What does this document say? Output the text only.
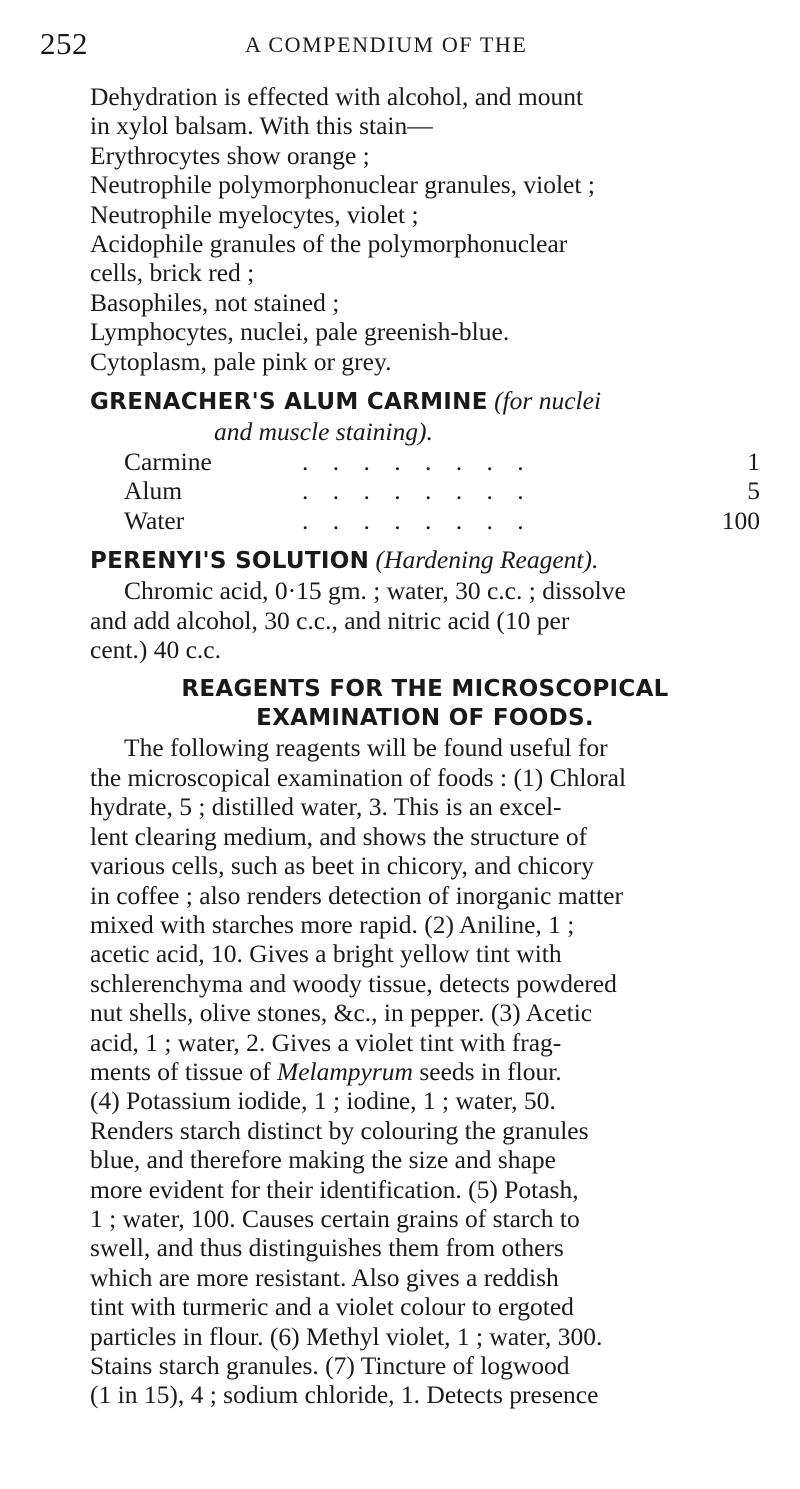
252	A COMPENDIUM OF THE
Dehydration is effected with alcohol, and mount
in xylol balsam. With this stain—
Erythrocytes show orange ;
Neutrophile polymorphonuclear granules, violet ;
Neutrophile myelocytes, violet ;
Acidophile granules of the polymorphonuclear
cells, brick red ;
Basophiles, not stained ;
Lymphocytes, nuclei, pale greenish-blue.
Cytoplasm, pale pink or grey.
GRENACHER'S ALUM CARMINE (for nuclei
and muscle staining).
Carmine	. . . . . . . .	1
Alum	. . . . . . . .	5
Water	. . . . . . . .	100
PERENYI'S SOLUTION (Hardening Reagent).
Chromic acid, 0·15 gm. ; water, 30 c.c. ; dissolve
and add alcohol, 30 c.c., and nitric acid (10 per
cent.) 40 c.c.
REAGENTS FOR THE MICROSCOPICAL
EXAMINATION OF FOODS.
The following reagents will be found useful for
the microscopical examination of foods : (1) Chloral
hydrate, 5 ; distilled water, 3. This is an excel-
lent clearing medium, and shows the structure of
various cells, such as beet in chicory, and chicory
in coffee ; also renders detection of inorganic matter
mixed with starches more rapid. (2) Aniline, 1 ;
acetic acid, 10. Gives a bright yellow tint with
schlerenchyma and woody tissue, detects powdered
nut shells, olive stones, &c., in pepper. (3) Acetic
acid, 1 ; water, 2. Gives a violet tint with frag-
ments of tissue of Melampyrum seeds in flour.
(4) Potassium iodide, 1 ; iodine, 1 ; water, 50.
Renders starch distinct by colouring the granules
blue, and therefore making the size and shape
more evident for their identification. (5) Potash,
1 ; water, 100. Causes certain grains of starch to
swell, and thus distinguishes them from others
which are more resistant. Also gives a reddish
tint with turmeric and a violet colour to ergoted
particles in flour. (6) Methyl violet, 1 ; water, 300.
Stains starch granules. (7) Tincture of logwood
(1 in 15), 4 ; sodium chloride, 1. Detects presence
